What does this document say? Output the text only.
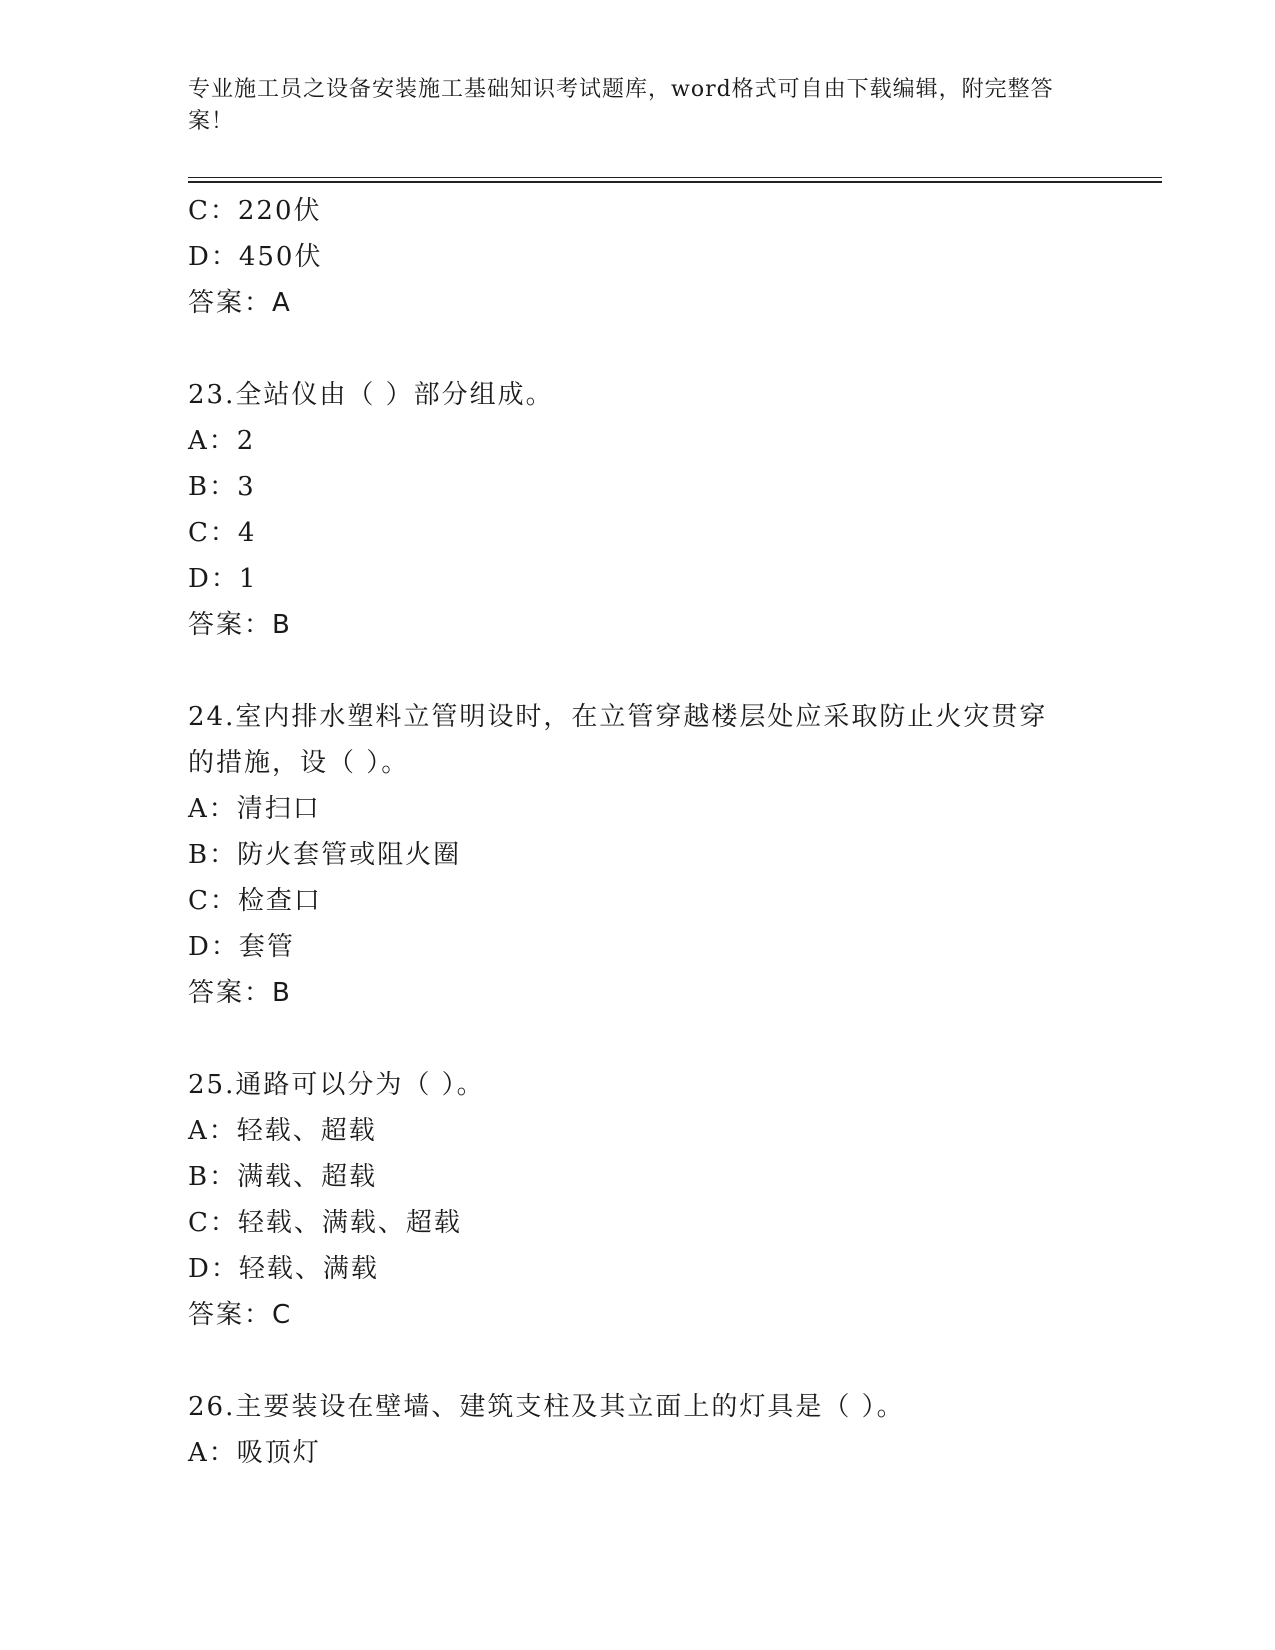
专业施工员之设备安装施工基础知识考试题库，word格式可自由下载编辑，附完整答案！
C：220伏
D：450伏
答案：A
23.全站仪由（ ）部分组成。
A：2
B：3
C：4
D：1
答案：B
24.室内排水塑料立管明设时，在立管穿越楼层处应采取防止火灾贯穿
的措施，设（ ）。
A：清扫口
B：防火套管或阻火圈
C：检查口
D：套管
答案：B
25.通路可以分为（ ）。
A：轻载、超载
B：满载、超载
C：轻载、满载、超载
D：轻载、满载
答案：C
26.主要装设在壁墙、建筑支柱及其立面上的灯具是（ ）。
A：吸顶灯
